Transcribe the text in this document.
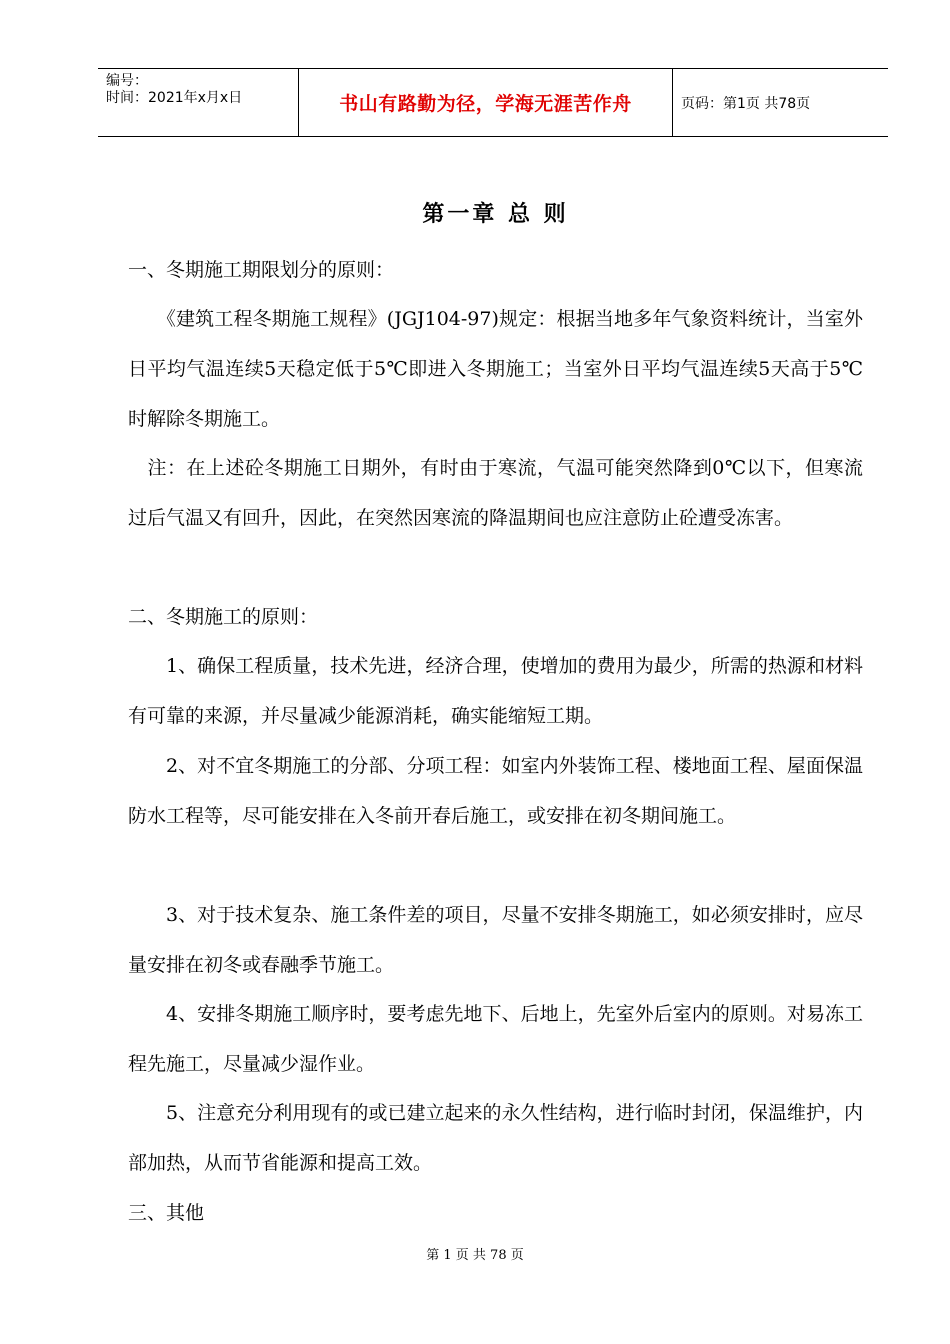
编号：
时间：2021年x月x日	书山有路勤为径，学海无涯苦作舟	页码：第1页 共78页
第一章 总 则
一、冬期施工期限划分的原则：
　　《建筑工程冬期施工规程》(JGJ104-97)规定：根据当地多年气象资料统计，当室外日平均气温连续5天稳定低于5℃即进入冬期施工；当室外日平均气温连续5天高于5℃时解除冬期施工。
　注：在上述砼冬期施工日期外，有时由于寒流，气温可能突然降到0℃以下，但寒流过后气温又有回升，因此，在突然因寒流的降温期间也应注意防止砼遭受冻害。
二、冬期施工的原则：
　　1、确保工程质量，技术先进，经济合理，使增加的费用为最少，所需的热源和材料有可靠的来源，并尽量减少能源消耗，确实能缩短工期。
　　2、对不宜冬期施工的分部、分项工程：如室内外装饰工程、楼地面工程、屋面保温防水工程等，尽可能安排在入冬前开春后施工，或安排在初冬期间施工。
　　3、对于技术复杂、施工条件差的项目，尽量不安排冬期施工，如必须安排时，应尽量安排在初冬或春融季节施工。
　　4、安排冬期施工顺序时，要考虑先地下、后地上，先室外后室内的原则。对易冻工程先施工，尽量减少湿作业。
　　5、注意充分利用现有的或已建立起来的永久性结构，进行临时封闭，保温维护，内部加热，从而节省能源和提高工效。
三、其他
第 1 页 共 78 页
